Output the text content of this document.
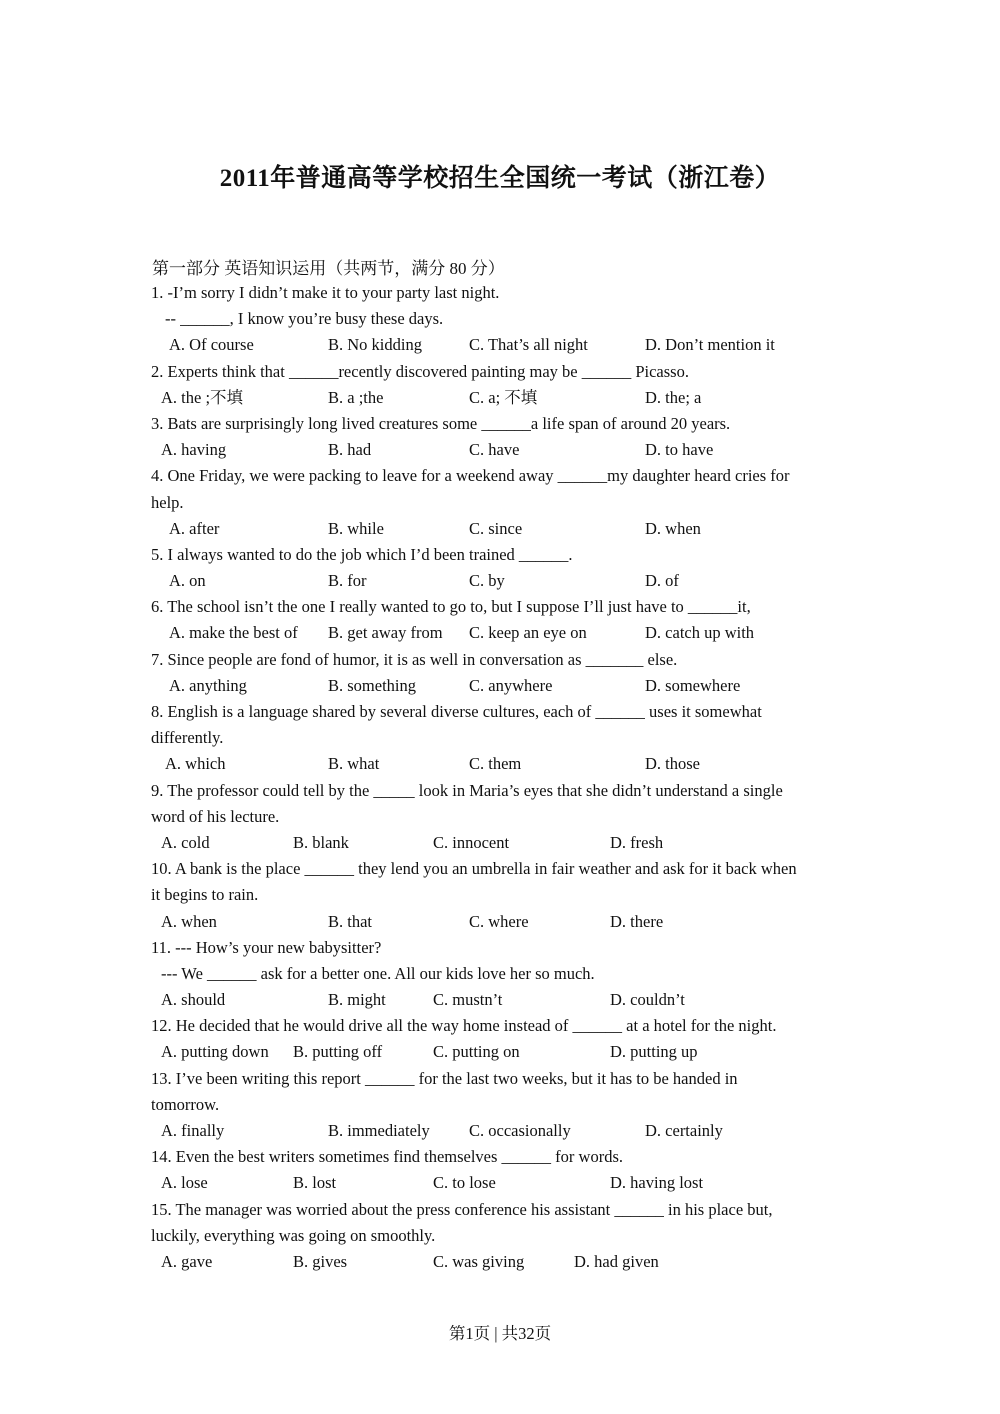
2011年普通高等学校招生全国统一考试（浙江卷）
第一部分 英语知识运用（共两节，满分 80 分）
1. -I’m sorry I didn’t make it to your party last night.
-- ______, I know you’re busy these days.
A. Of course	B. No kidding	C. That’s all night	D. Don’t mention it
2. Experts think that ______recently discovered painting may be ______ Picasso.
A. the ;不填	B. a ;the	C. a; 不填	D. the; a
3. Bats are surprisingly long lived creatures some ______a life span of around 20 years.
A. having	B. had	C. have	D. to have
4. One Friday, we were packing to leave for a weekend away ______my daughter heard cries for
help.
A. after	B. while	C. since	D. when
5. I always wanted to do the job which I’d been trained ______.
A. on	B. for	C. by	D. of
6. The school isn’t the one I really wanted to go to, but I suppose I’ll just have to ______it,
A. make the best of B. get away from C. keep an eye on	D. catch up with
7. Since people are fond of humor, it is as well in conversation as _______ else.
A. anything	B. something	C. anywhere	D. somewhere
8. English is a language shared by several diverse cultures, each of ______ uses it somewhat
differently.
A. which	B. what	C. them	D. those
9. The professor could tell by the _____ look in Maria’s eyes that she didn’t understand a single
word of his lecture.
A. cold	B. blank	C. innocent	D. fresh
10. A bank is the place ______ they lend you an umbrella in fair weather and ask for it back when
it begins to rain.
A. when	B. that	C. where	D. there
11. --- How’s your new babysitter?
--- We ______ ask for a better one. All our kids love her so much.
A. should	B. might	C. mustn’t	D. couldn’t
12. He decided that he would drive all the way home instead of ______ at a hotel for the night.
A. putting down B. putting off	C. putting on	D. putting up
13. I’ve been writing this report ______ for the last two weeks, but it has to be handed in
tomorrow.
A. finally	B. immediately C. occasionally	D. certainly
14. Even the best writers sometimes find themselves ______ for words.
A. lose	B. lost	C. to lose	D. having lost
15. The manager was worried about the press conference his assistant ______ in his place but,
luckily, everything was going on smoothly.
A. gave	B. gives	C. was giving	D. had given
第1页 | 共32页
